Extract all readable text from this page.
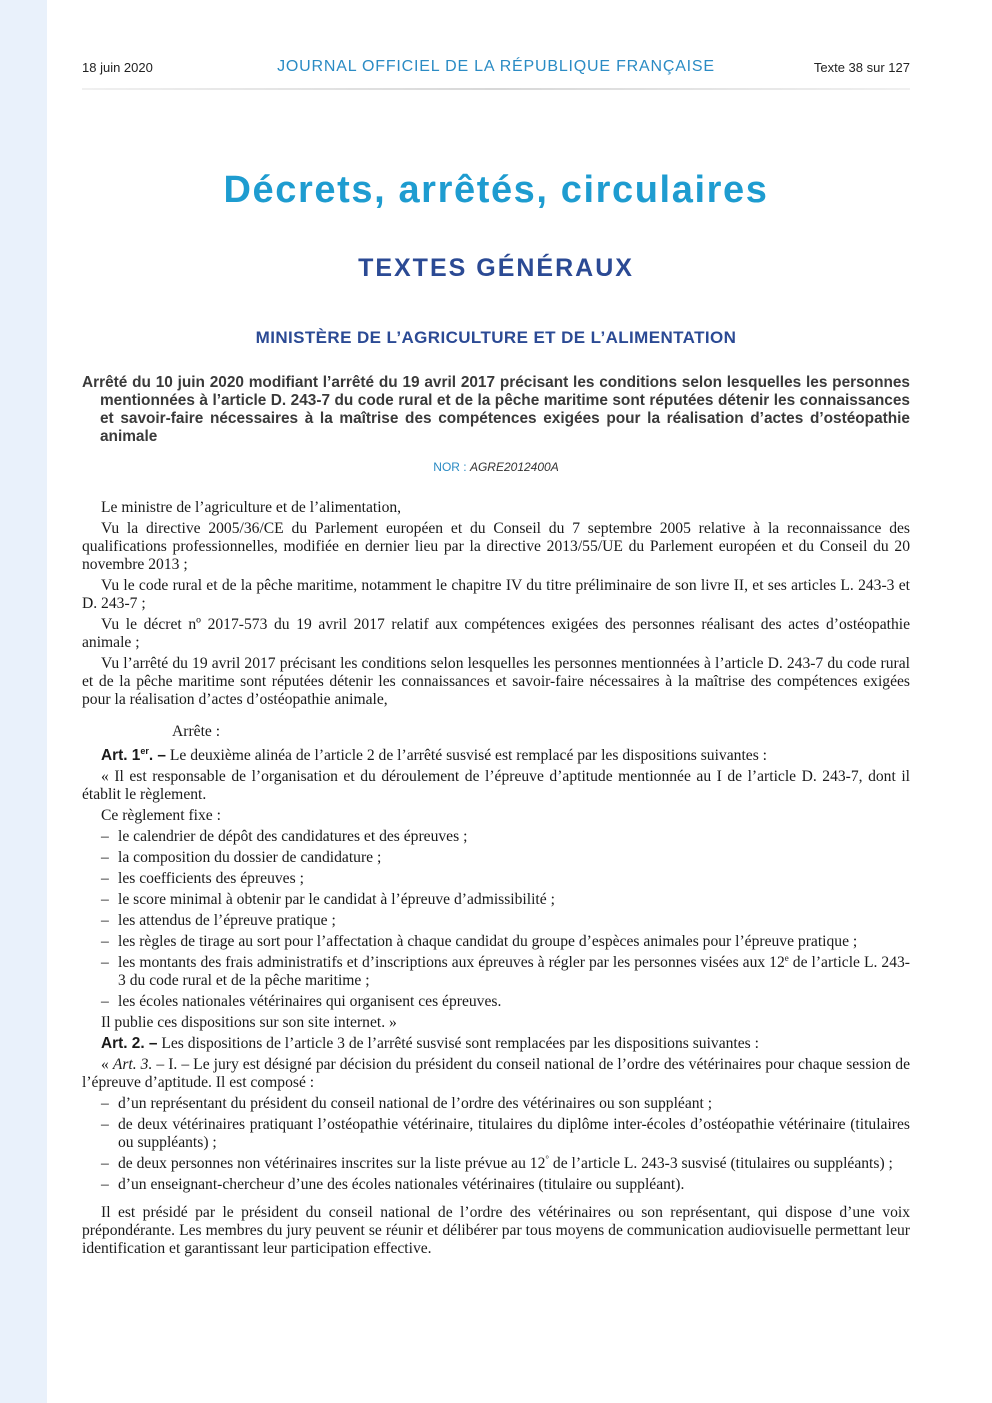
18 juin 2020	JOURNAL OFFICIEL DE LA RÉPUBLIQUE FRANÇAISE	Texte 38 sur 127
Décrets, arrêtés, circulaires
TEXTES GÉNÉRAUX
MINISTÈRE DE L’AGRICULTURE ET DE L’ALIMENTATION

Arrêté du 10 juin 2020 modifiant l’arrêté du 19 avril 2017 précisant les conditions selon lesquelles les personnes mentionnées à l’article D. 243-7 du code rural et de la pêche maritime sont réputées détenir les connaissances et savoir-faire nécessaires à la maîtrise des compétences exigées pour la réalisation d’actes d’ostéopathie animale

NOR : AGRE2012400A

Le ministre de l’agriculture et de l’alimentation,

Vu la directive 2005/36/CE du Parlement européen et du Conseil du 7 septembre 2005 relative à la reconnaissance des qualifications professionnelles, modifiée en dernier lieu par la directive 2013/55/UE du Parlement européen et du Conseil du 20 novembre 2013 ;

Vu le code rural et de la pêche maritime, notamment le chapitre IV du titre préliminaire de son livre II, et ses articles L. 243-3 et D. 243-7 ;

Vu le décret nº 2017-573 du 19 avril 2017 relatif aux compétences exigées des personnes réalisant des actes d’ostéopathie animale ;

Vu l’arrêté du 19 avril 2017 précisant les conditions selon lesquelles les personnes mentionnées à l’article D. 243-7 du code rural et de la pêche maritime sont réputées détenir les connaissances et savoir-faire nécessaires à la maîtrise des compétences exigées pour la réalisation d’actes d’ostéopathie animale,

Arrête :

Art. 1er. – Le deuxième alinéa de l’article 2 de l’arrêté susvisé est remplacé par les dispositions suivantes :

« Il est responsable de l’organisation et du déroulement de l’épreuve d’aptitude mentionnée au I de l’article D. 243-7, dont il établit le règlement.

Ce règlement fixe :

– le calendrier de dépôt des candidatures et des épreuves ;
– la composition du dossier de candidature ;
– les coefficients des épreuves ;
– le score minimal à obtenir par le candidat à l’épreuve d’admissibilité ;
– les attendus de l’épreuve pratique ;
– les règles de tirage au sort pour l’affectation à chaque candidat du groupe d’espèces animales pour l’épreuve pratique ;
– les montants des frais administratifs et d’inscriptions aux épreuves à régler par les personnes visées aux 12e de l’article L. 243-3 du code rural et de la pêche maritime ;
– les écoles nationales vétérinaires qui organisent ces épreuves.

Il publie ces dispositions sur son site internet. »

Art. 2. – Les dispositions de l’article 3 de l’arrêté susvisé sont remplacées par les dispositions suivantes :

« Art. 3. – I. – Le jury est désigné par décision du président du conseil national de l’ordre des vétérinaires pour chaque session de l’épreuve d’aptitude. Il est composé :

– d’un représentant du président du conseil national de l’ordre des vétérinaires ou son suppléant ;
– de deux vétérinaires pratiquant l’ostéopathie vétérinaire, titulaires du diplôme inter-écoles d’ostéopathie vétérinaire (titulaires ou suppléants) ;
– de deux personnes non vétérinaires inscrites sur la liste prévue au 12° de l’article L. 243-3 susvisé (titulaires ou suppléants) ;
– d’un enseignant-chercheur d’une des écoles nationales vétérinaires (titulaire ou suppléant).

Il est présidé par le président du conseil national de l’ordre des vétérinaires ou son représentant, qui dispose d’une voix prépondérante. Les membres du jury peuvent se réunir et délibérer par tous moyens de communication audiovisuelle permettant leur identification et garantissant leur participation effective.
